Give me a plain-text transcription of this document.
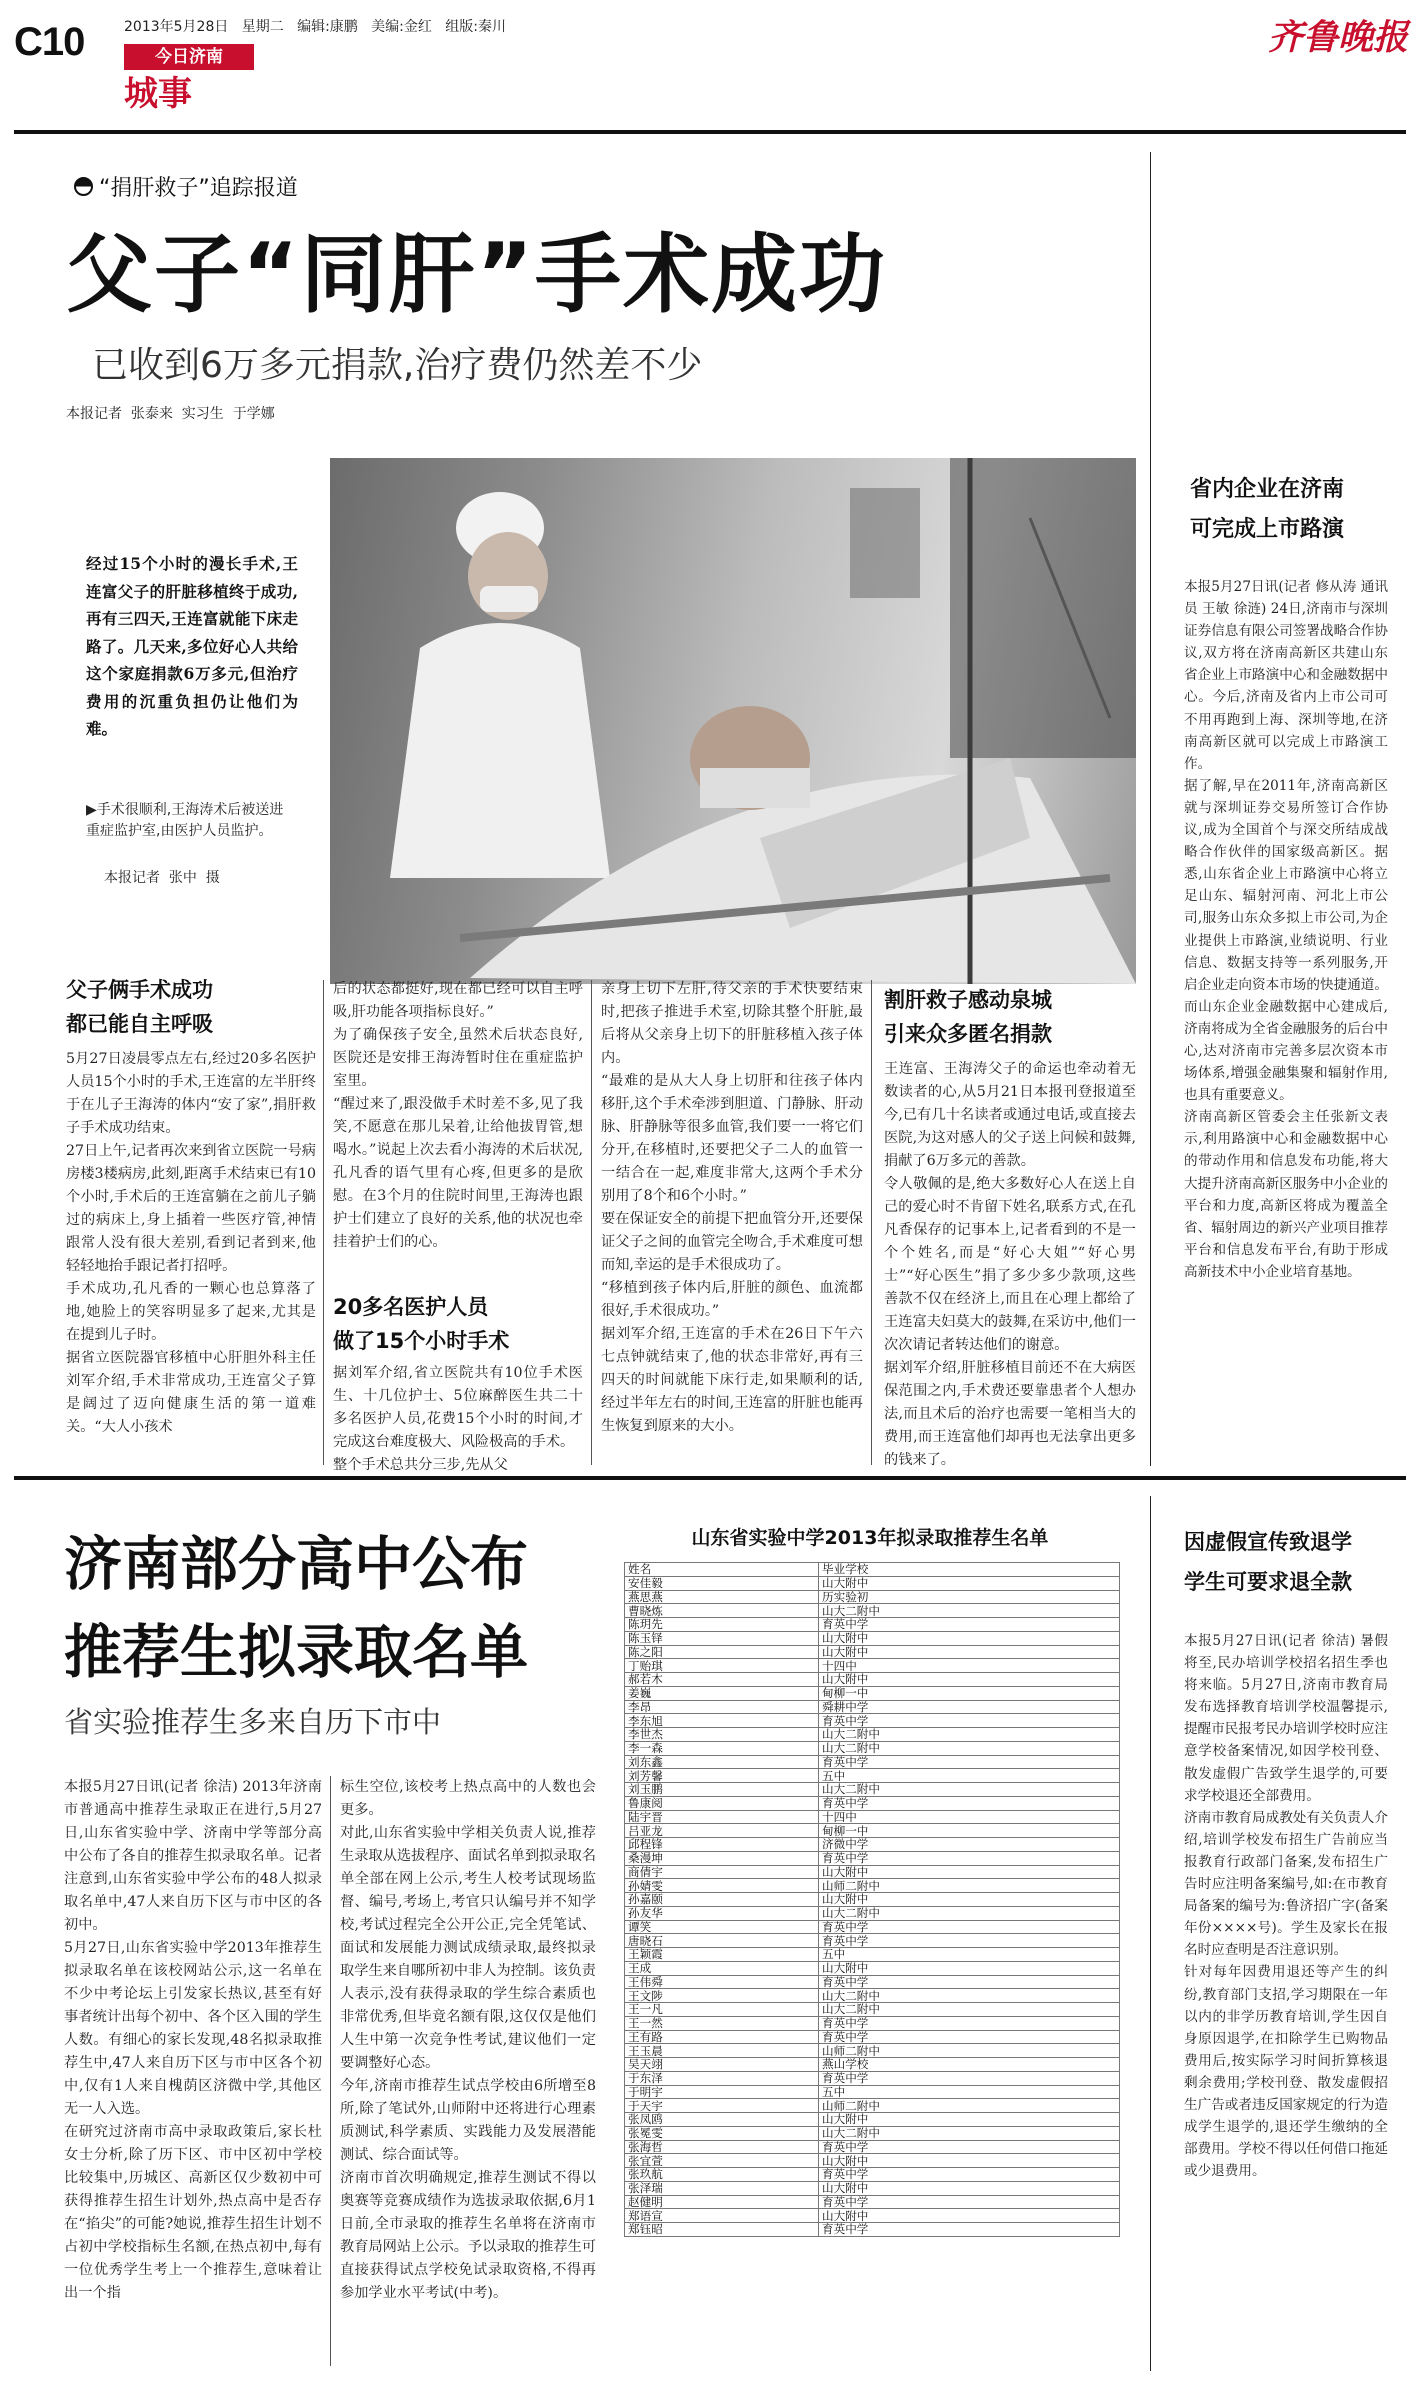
C10	2013年5月28日 星期二 编辑:康鹏 美编:金红 组版:秦川
今日济南
城事
齐鲁晚报
“捐肝救子”追踪报道
父子“同肝”手术成功
已收到6万多元捐款,治疗费仍然差不少
本报记者  张泰来  实习生  于学娜
经过15个小时的漫长手术,王连富父子的肝脏移植终于成功,再有三四天,王连富就能下床走路了。几天来,多位好心人共给这个家庭捐款6万多元,但治疗费用的沉重负担仍让他们为难。
▶手术很顺利,王海涛术后被送进重症监护室,由医护人员监护。
本报记者  张中  摄
父子俩手术成功
都已能自主呼吸
5月27日凌晨零点左右,经过20多名医护人员15个小时的手术,王连富的左半肝终于在儿子王海涛的体内“安了家”,捐肝救子手术成功结束。
27日上午,记者再次来到省立医院一号病房楼3楼病房,此刻,距离手术结束已有10个小时,手术后的王连富躺在之前儿子躺过的病床上,身上插着一些医疗管,神情跟常人没有很大差别,看到记者到来,他轻轻地抬手跟记者打招呼。
手术成功,孔凡香的一颗心也总算落了地,她脸上的笑容明显多了起来,尤其是在提到儿子时。
据省立医院器官移植中心肝胆外科主任刘军介绍,手术非常成功,王连富父子算是阔过了迈向健康生活的第一道难关。“大人小孩术
后的状态都挺好,现在都已经可以自主呼吸,肝功能各项指标良好。”
为了确保孩子安全,虽然术后状态良好,医院还是安排王海涛暂时住在重症监护室里。
“醒过来了,跟没做手术时差不多,见了我笑,不愿意在那儿呆着,让给他拔胃管,想喝水。”说起上次去看小海涛的术后状况,孔凡香的语气里有心疼,但更多的是欣慰。在3个月的住院时间里,王海涛也跟护士们建立了良好的关系,他的状况也牵挂着护士们的心。
20多名医护人员
做了15个小时手术
据刘军介绍,省立医院共有10位手术医生、十几位护士、5位麻醉医生共二十多名医护人员,花费15个小时的时间,才完成这台难度极大、风险极高的手术。
整个手术总共分三步,先从父
亲身上切下左肝,待父亲的手术快要结束时,把孩子推进手术室,切除其整个肝脏,最后将从父亲身上切下的肝脏移植入孩子体内。
“最难的是从大人身上切肝和往孩子体内移肝,这个手术牵涉到胆道、门静脉、肝动脉、肝静脉等很多血管,我们要一一将它们分开,在移植时,还要把父子二人的血管一一结合在一起,难度非常大,这两个手术分别用了8个和6个小时。”
要在保证安全的前提下把血管分开,还要保证父子之间的血管完全吻合,手术难度可想而知,幸运的是手术很成功了。
“移植到孩子体内后,肝脏的颜色、血流都很好,手术很成功。”
据刘军介绍,王连富的手术在26日下午六七点钟就结束了,他的状态非常好,再有三四天的时间就能下床行走,如果顺利的话,经过半年左右的时间,王连富的肝脏也能再生恢复到原来的大小。
割肝救子感动泉城
引来众多匿名捐款
王连富、王海涛父子的命运也牵动着无数读者的心,从5月21日本报刊登报道至今,已有几十名读者或通过电话,或直接去医院,为这对感人的父子送上问候和鼓舞,捐献了6万多元的善款。
令人敬佩的是,绝大多数好心人在送上自己的爱心时不肯留下姓名,联系方式,在孔凡香保存的记事本上,记者看到的不是一个个姓名,而是“好心大姐”“好心男士”“好心医生”捐了多少多少款项,这些善款不仅在经济上,而且在心理上都给了王连富夫妇莫大的鼓舞,在采访中,他们一次次请记者转达他们的谢意。
据刘军介绍,肝脏移植目前还不在大病医保范围之内,手术费还要靠患者个人想办法,而且术后的治疗也需要一笔相当大的费用,而王连富他们却再也无法拿出更多的钱来了。
省内企业在济南
可完成上市路演
本报5月27日讯(记者 修从涛 通讯员 王敏 徐涟) 24日,济南市与深圳证券信息有限公司签署战略合作协议,双方将在济南高新区共建山东省企业上市路演中心和金融数据中心。今后,济南及省内上市公司可不用再跑到上海、深圳等地,在济南高新区就可以完成上市路演工作。
据了解,早在2011年,济南高新区就与深圳证券交易所签订合作协议,成为全国首个与深交所结成战略合作伙伴的国家级高新区。据悉,山东省企业上市路演中心将立足山东、辐射河南、河北上市公司,服务山东众多拟上市公司,为企业提供上市路演,业绩说明、行业信息、数据支持等一系列服务,开启企业走向资本市场的快捷通道。而山东企业金融数据中心建成后,济南将成为全省金融服务的后台中心,达对济南市完善多层次资本市场体系,增强金融集聚和辐射作用,也具有重要意义。
济南高新区管委会主任张新文表示,利用路演中心和金融数据中心的带动作用和信息发布功能,将大大提升济南高新区服务中小企业的平台和力度,高新区将成为覆盖全省、辐射周边的新兴产业项目推荐平台和信息发布平台,有助于形成高新技术中小企业培育基地。
济南部分高中公布
推荐生拟录取名单
省实验推荐生多来自历下市中
本报5月27日讯(记者 徐洁) 2013年济南市普通高中推荐生录取正在进行,5月27日,山东省实验中学、济南中学等部分高中公布了各自的推荐生拟录取名单。记者注意到,山东省实验中学公布的48人拟录取名单中,47人来自历下区与市中区的各初中。
5月27日,山东省实验中学2013年推荐生拟录取名单在该校网站公示,这一名单在不少中考论坛上引发家长热议,甚至有好事者统计出每个初中、各个区入围的学生人数。有细心的家长发现,48名拟录取推荐生中,47人来自历下区与市中区各个初中,仅有1人来自槐荫区济微中学,其他区无一人入选。
在研究过济南市高中录取政策后,家长杜女士分析,除了历下区、市中区初中学校比较集中,历城区、高新区仅少数初中可获得推荐生招生计划外,热点高中是否存在“掐尖”的可能?她说,推荐生招生计划不占初中学校指标生名额,在热点初中,每有一位优秀学生考上一个推荐生,意味着让出一个指
标生空位,该校考上热点高中的人数也会更多。
对此,山东省实验中学相关负责人说,推荐生录取从选拔程序、面试名单到拟录取名单全部在网上公示,考生人校考试现场监督、编号,考场上,考官只认编号并不知学校,考试过程完全公开公正,完全凭笔试、面试和发展能力测试成绩录取,最终拟录取学生来自哪所初中非人为控制。该负责人表示,没有获得录取的学生综合素质也非常优秀,但毕竟名额有限,这仅仅是他们人生中第一次竞争性考试,建议他们一定要调整好心态。
今年,济南市推荐生试点学校由6所增至8所,除了笔试外,山师附中还将进行心理素质测试,科学素质、实践能力及发展潜能测试、综合面试等。
济南市首次明确规定,推荐生测试不得以奥赛等竞赛成绩作为选拔录取依据,6月1日前,全市录取的推荐生名单将在济南市教育局网站上公示。予以录取的推荐生可直接获得试点学校免试录取资格,不得再参加学业水平考试(中考)。
山东省实验中学2013年拟录取推荐生名单
姓名	毕业学校
安佳毅	山大附中
燕思燕	历实验初
曹晓炼	山大二附中
陈玥先	育英中学
陈玉铎	山大附中
陈之阳	山大附中
丁贻琪	十四中
郝若木	山大附中
姜巍	甸柳一中
李昂	舜耕中学
李东旭	育英中学
李世杰	山大二附中
李一森	山大二附中
刘东鑫	育英中学
刘芳馨	五中
刘玉鹏	山大二附中
鲁康阅	育英中学
陆宇晋	十四中
吕亚龙	甸柳一中
邱程锋	济微中学
桑漫坤	育英中学
商倩宇	山大附中
孙婧雯	山师二附中
孙嘉颐	山大附中
孙友华	山大二附中
谭笑	育英中学
唐晓石	育英中学
王颖霞	五中
王成	山大附中
王伟舜	育英中学
王文陟	山大二附中
王一凡	山大二附中
王一然	育英中学
王有路	育英中学
王玉晨	山师二附中
吴天翊	燕山学校
于东泽	育英中学
于明宇	五中
于天宇	山师二附中
张凤鸥	山大附中
张冕雯	山大二附中
张海哲	育英中学
张宜萱	山大附中
张玖航	育英中学
张泽瑞	山大附中
赵健明	育英中学
郑语宣	山大附中
郑钰昭	育英中学
因虚假宣传致退学
学生可要求退全款
本报5月27日讯(记者 徐洁) 暑假将至,民办培训学校招名招生季也将来临。5月27日,济南市教育局发布选择教育培训学校温馨提示,提醒市民报考民办培训学校时应注意学校备案情况,如因学校刊登、散发虚假广告致学生退学的,可要求学校退还全部费用。
济南市教育局成教处有关负责人介绍,培训学校发布招生广告前应当报教育行政部门备案,发布招生广告时应注明备案编号,如:在市教育局备案的编号为:鲁济招广字(备案年份××××号)。学生及家长在报名时应查明是否注意识别。
针对每年因费用退还等产生的纠纷,教育部门支招,学习期限在一年以内的非学历教育培训,学生因自身原因退学,在扣除学生已购物品费用后,按实际学习时间折算核退剩余费用;学校刊登、散发虚假招生广告或者违反国家规定的行为造成学生退学的,退还学生缴纳的全部费用。学校不得以任何借口拖延或少退费用。
